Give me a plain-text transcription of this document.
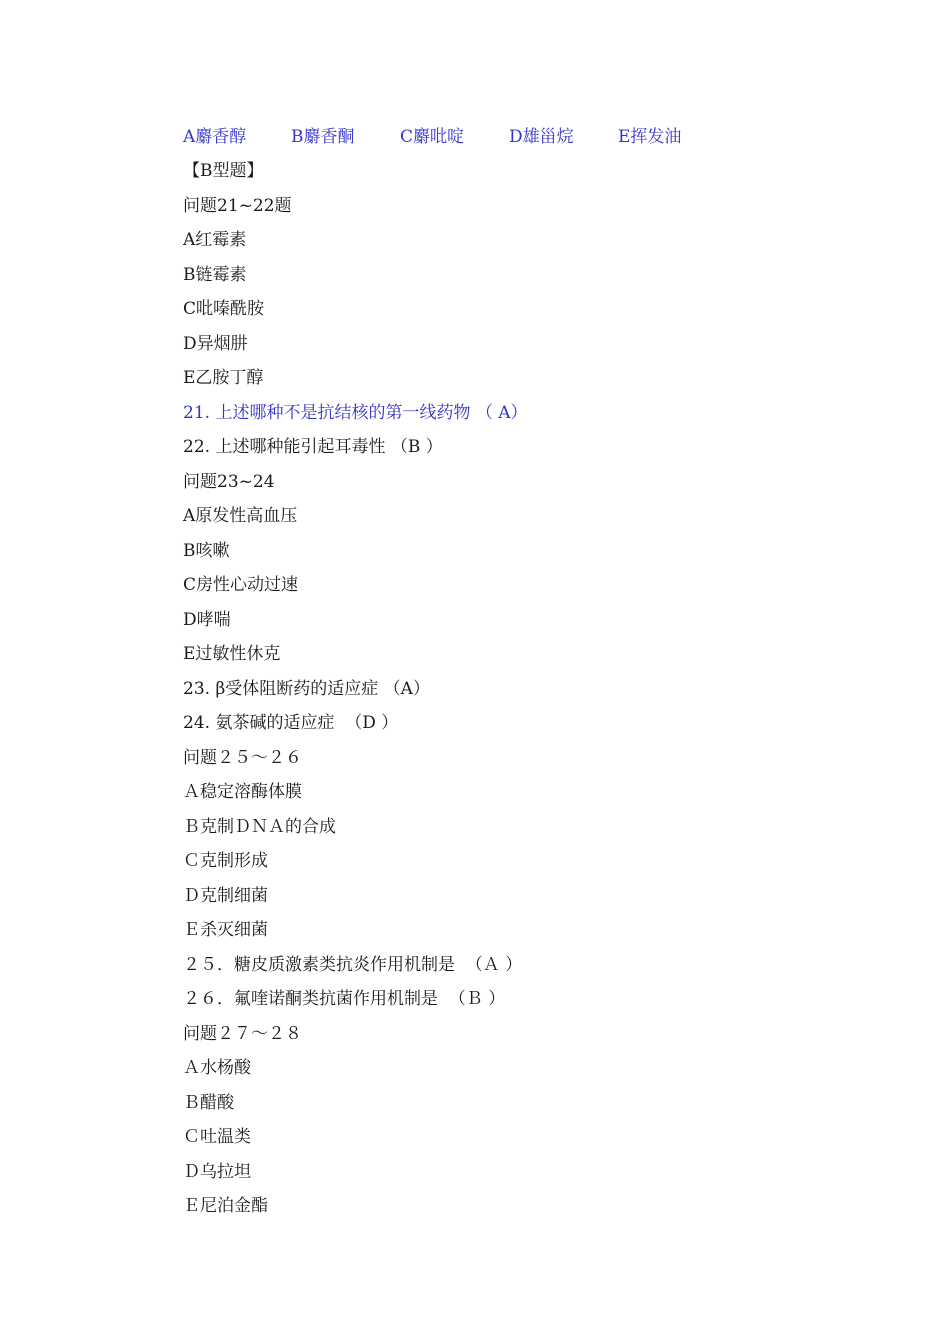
A麝香醇	B麝香酮	C麝吡啶	D雄甾烷	E挥发油
【B型题】
问题21~22题
A红霉素
B链霉素
C吡嗪酰胺
D异烟肼
E乙胺丁醇
21. 上述哪种不是抗结核的第一线药物 （ A）
22. 上述哪种能引起耳毒性 （B ）
问题23~24
A原发性高血压
B咳嗽
C房性心动过速
D哮喘
E过敏性休克
23. β受体阻断药的适应症 （A）
24. 氨茶碱的适应症  （D ）
问题２５～２６
Ａ稳定溶酶体膜
Ｂ克制ＤＮＡ的合成
Ｃ克制形成
Ｄ克制细菌
Ｅ杀灭细菌
２５．糖皮质激素类抗炎作用机制是  （Ａ ）
２６．氟喹诺酮类抗菌作用机制是  （Ｂ ）
问题２７～２８
Ａ水杨酸
Ｂ醋酸
Ｃ吐温类
Ｄ乌拉坦
Ｅ尼泊金酯
